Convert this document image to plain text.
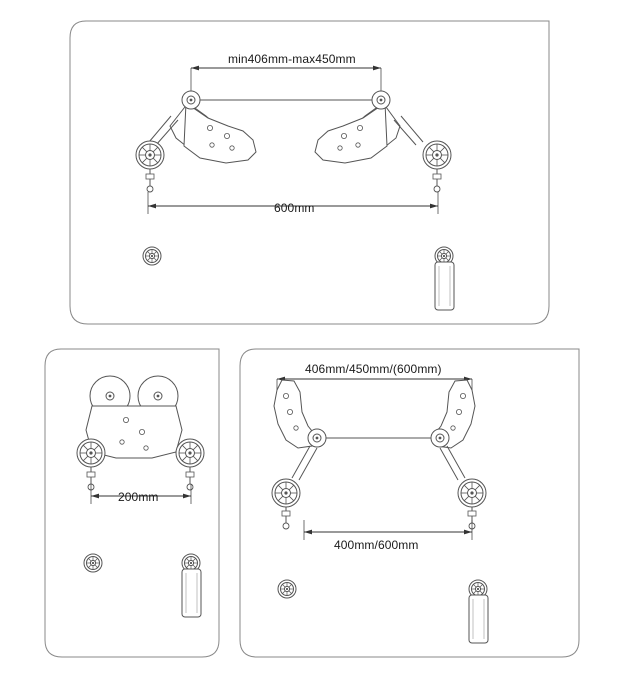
min406mm-max450mm
600mm
200mm
406mm/450mm/(600mm)
400mm/600mm
